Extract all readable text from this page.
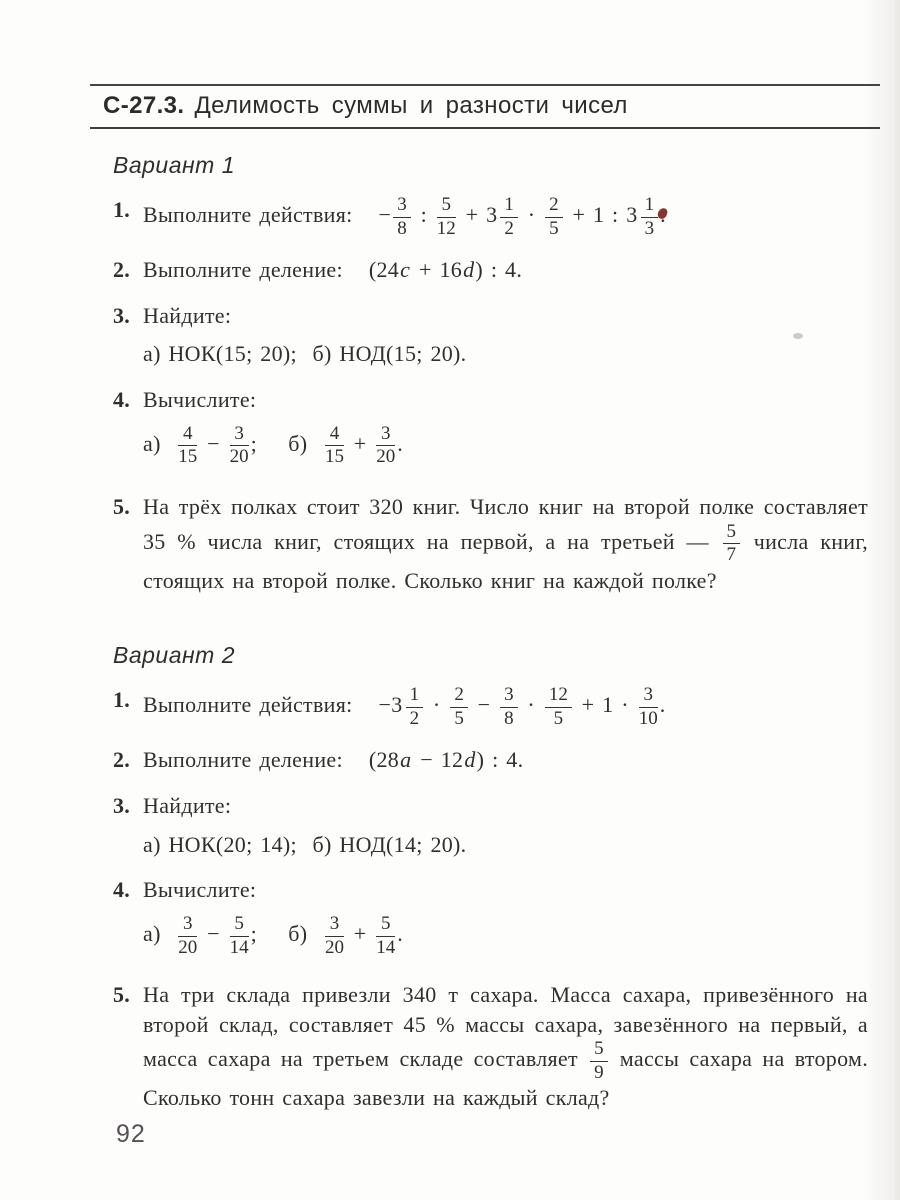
С-27.3. Делимость суммы и разности чисел
Вариант 1
1. Выполните действия: − $\frac{3}{8}$ : $\frac{5}{12} + 3 \frac{1}{2} \cdot \frac{2}{5} + 1$ : $3 \frac{1}{3}$
2. Выполните деление: (24c + 16d) : 4.
3. Найдите:
а) НОК(15; 20);  б) НОД(15; 20).
4. Вычислите:
$а) \frac{4}{15} - \frac{3}{20}$ ;    $б) \frac{4}{15} + \frac{3}{20}$ .
5. На трёх полках стоит 320 книг. Число книг на второй полке составляет 35 % числа книг, стоящих на первой, а на третьей — $\frac{5}{7}$ числа книг, стоящих на второй полке. Сколько книг на каждой полке?
Вариант 2
1. Выполните действия: $-3 \frac{1}{2} \cdot \frac{2}{5} - \frac{3}{8} \cdot \frac{12}{5} + 1 \cdot \frac{3}{10}$ .
2. Выполните деление: (28a − 12d) : 4.
3. Найдите:
а) НОК(20; 14);  б) НОД(14; 20).
4. Вычислите:
$а) \frac{3}{20} - \frac{5}{14}$ ;    $б) \frac{3}{20} + \frac{5}{14}$ .
5. На три склада привезли 340 т сахара. Масса сахара, привезённого на второй склад, составляет 45 % массы сахара, завезённого на первый, а масса сахара на третьем складе составляет $\frac{5}{9}$ массы сахара на втором. Сколько тонн сахара завезли на каждый склад?
92
